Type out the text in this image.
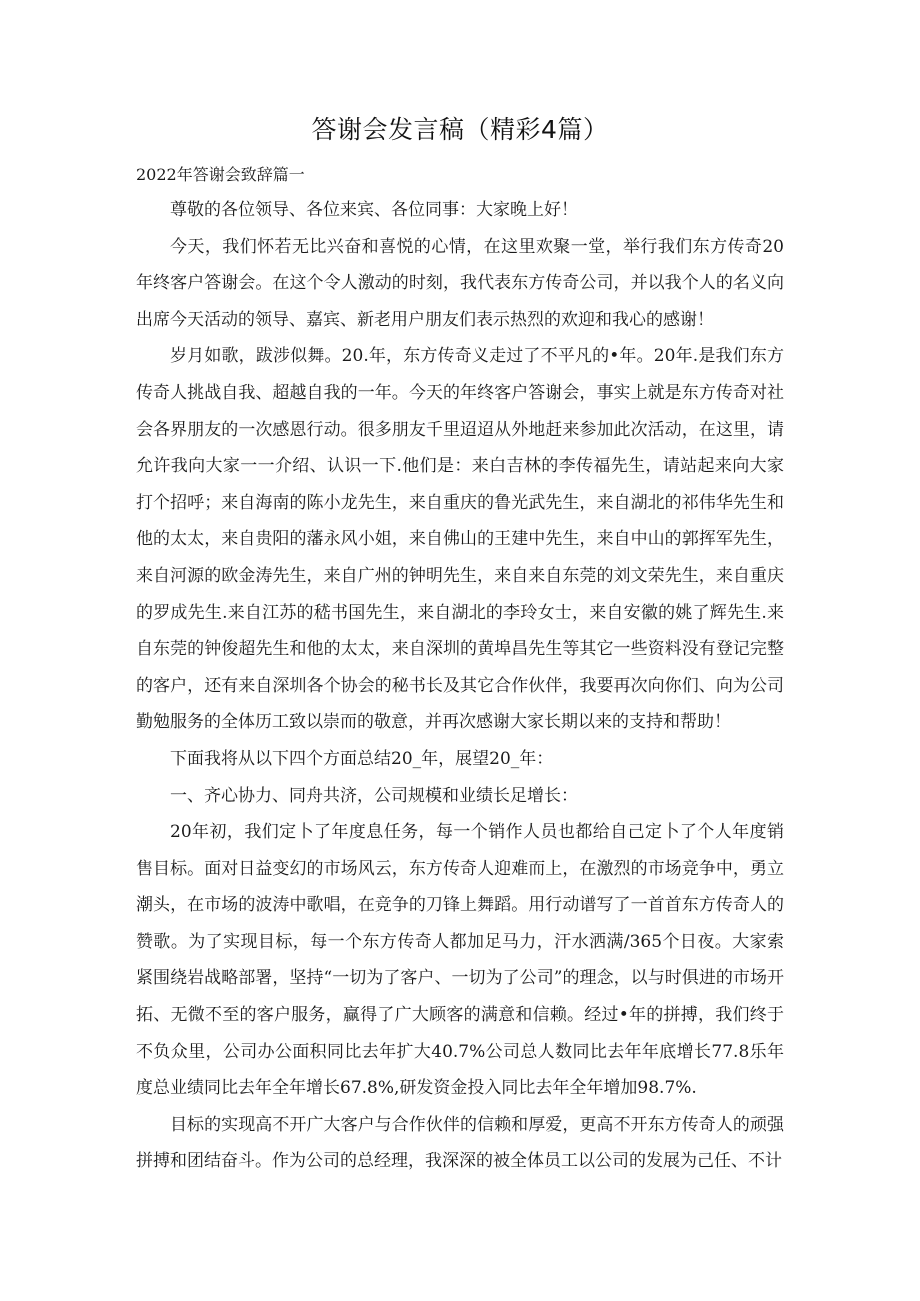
答谢会发言稿（精彩4篇）

2022年答谢会致辞篇一

尊敬的各位领导、各位来宾、各位同事：大家晚上好！

今天，我们怀若无比兴奋和喜悦的心情，在这里欢聚一堂，举行我们东方传奇20年终客户答谢会。在这个令人激动的时刻，我代表东方传奇公司，并以我个人的名义向出席今天活动的领导、嘉宾、新老用户朋友们表示热烈的欢迎和我心的感谢！

岁月如歌，跋涉似舞。20.年，东方传奇义走过了不平凡的•年。20年.是我们东方传奇人挑战自我、超越自我的一年。今天的年终客户答谢会，事实上就是东方传奇对社会各界朋友的一次感恩行动。很多朋友千里迢迢从外地赶来参加此次活动，在这里，请允许我向大家一一介绍、认识一下.他们是：来白吉林的李传福先生，请站起来向大家打个招呼；来自海南的陈小龙先生，来自重庆的鲁光武先生，来自湖北的祁伟华先生和他的太太，来自贵阳的藩永风小姐，来自佛山的王建中先生，来自中山的郭挥军先生，来自河源的欧金涛先生，来自广州的钟明先生，来自来自东莞的刘文荣先生，来自重庆的罗成先生.来自江苏的嵇书国先生，来自湖北的李玲女士，来自安徽的姚了辉先生.来自东莞的钟俊超先生和他的太太，来自深圳的黄埠昌先生等其它一些资料没有登记完整的客户，还有来自深圳各个协会的秘书长及其它合作伙伴，我要再次向你们、向为公司勤勉服务的全体历工致以崇而的敬意，并再次感谢大家长期以来的支持和帮助！

下面我将从以下四个方面总结20_年，展望20_年：

一、齐心协力、同舟共济，公司规模和业绩长足增长：

20年初，我们定卜了年度息任务，每一个销作人员也都给自己定卜了个人年度销售目标。面对日益变幻的市场风云，东方传奇人迎难而上，在激烈的市场竞争中，勇立潮头，在市场的波涛中歌唱，在竞争的刀锋上舞蹈。用行动谱写了一首首东方传奇人的赞歌。为了实现目标，每一个东方传奇人都加足马力，汗水洒满/365个日夜。大家索紧围绕岩战略部署，坚持“一切为了客户、一切为了公司”的理念，以与时俱进的市场开拓、无微不至的客户服务，赢得了广大顾客的满意和信赖。经过•年的拼搏，我们终于不负众里，公司办公面积同比去年扩大40.7%公司总人数同比去年年底增长77.8乐年度总业绩同比去年全年增长67.8%,研发资金投入同比去年全年增加98.7%.

目标的实现高不开广大客户与合作伙伴的信赖和厚爱，更高不开东方传奇人的顽强拼搏和团结奋斗。作为公司的总经理，我深深的被全体员工以公司的发展为己任、不计
